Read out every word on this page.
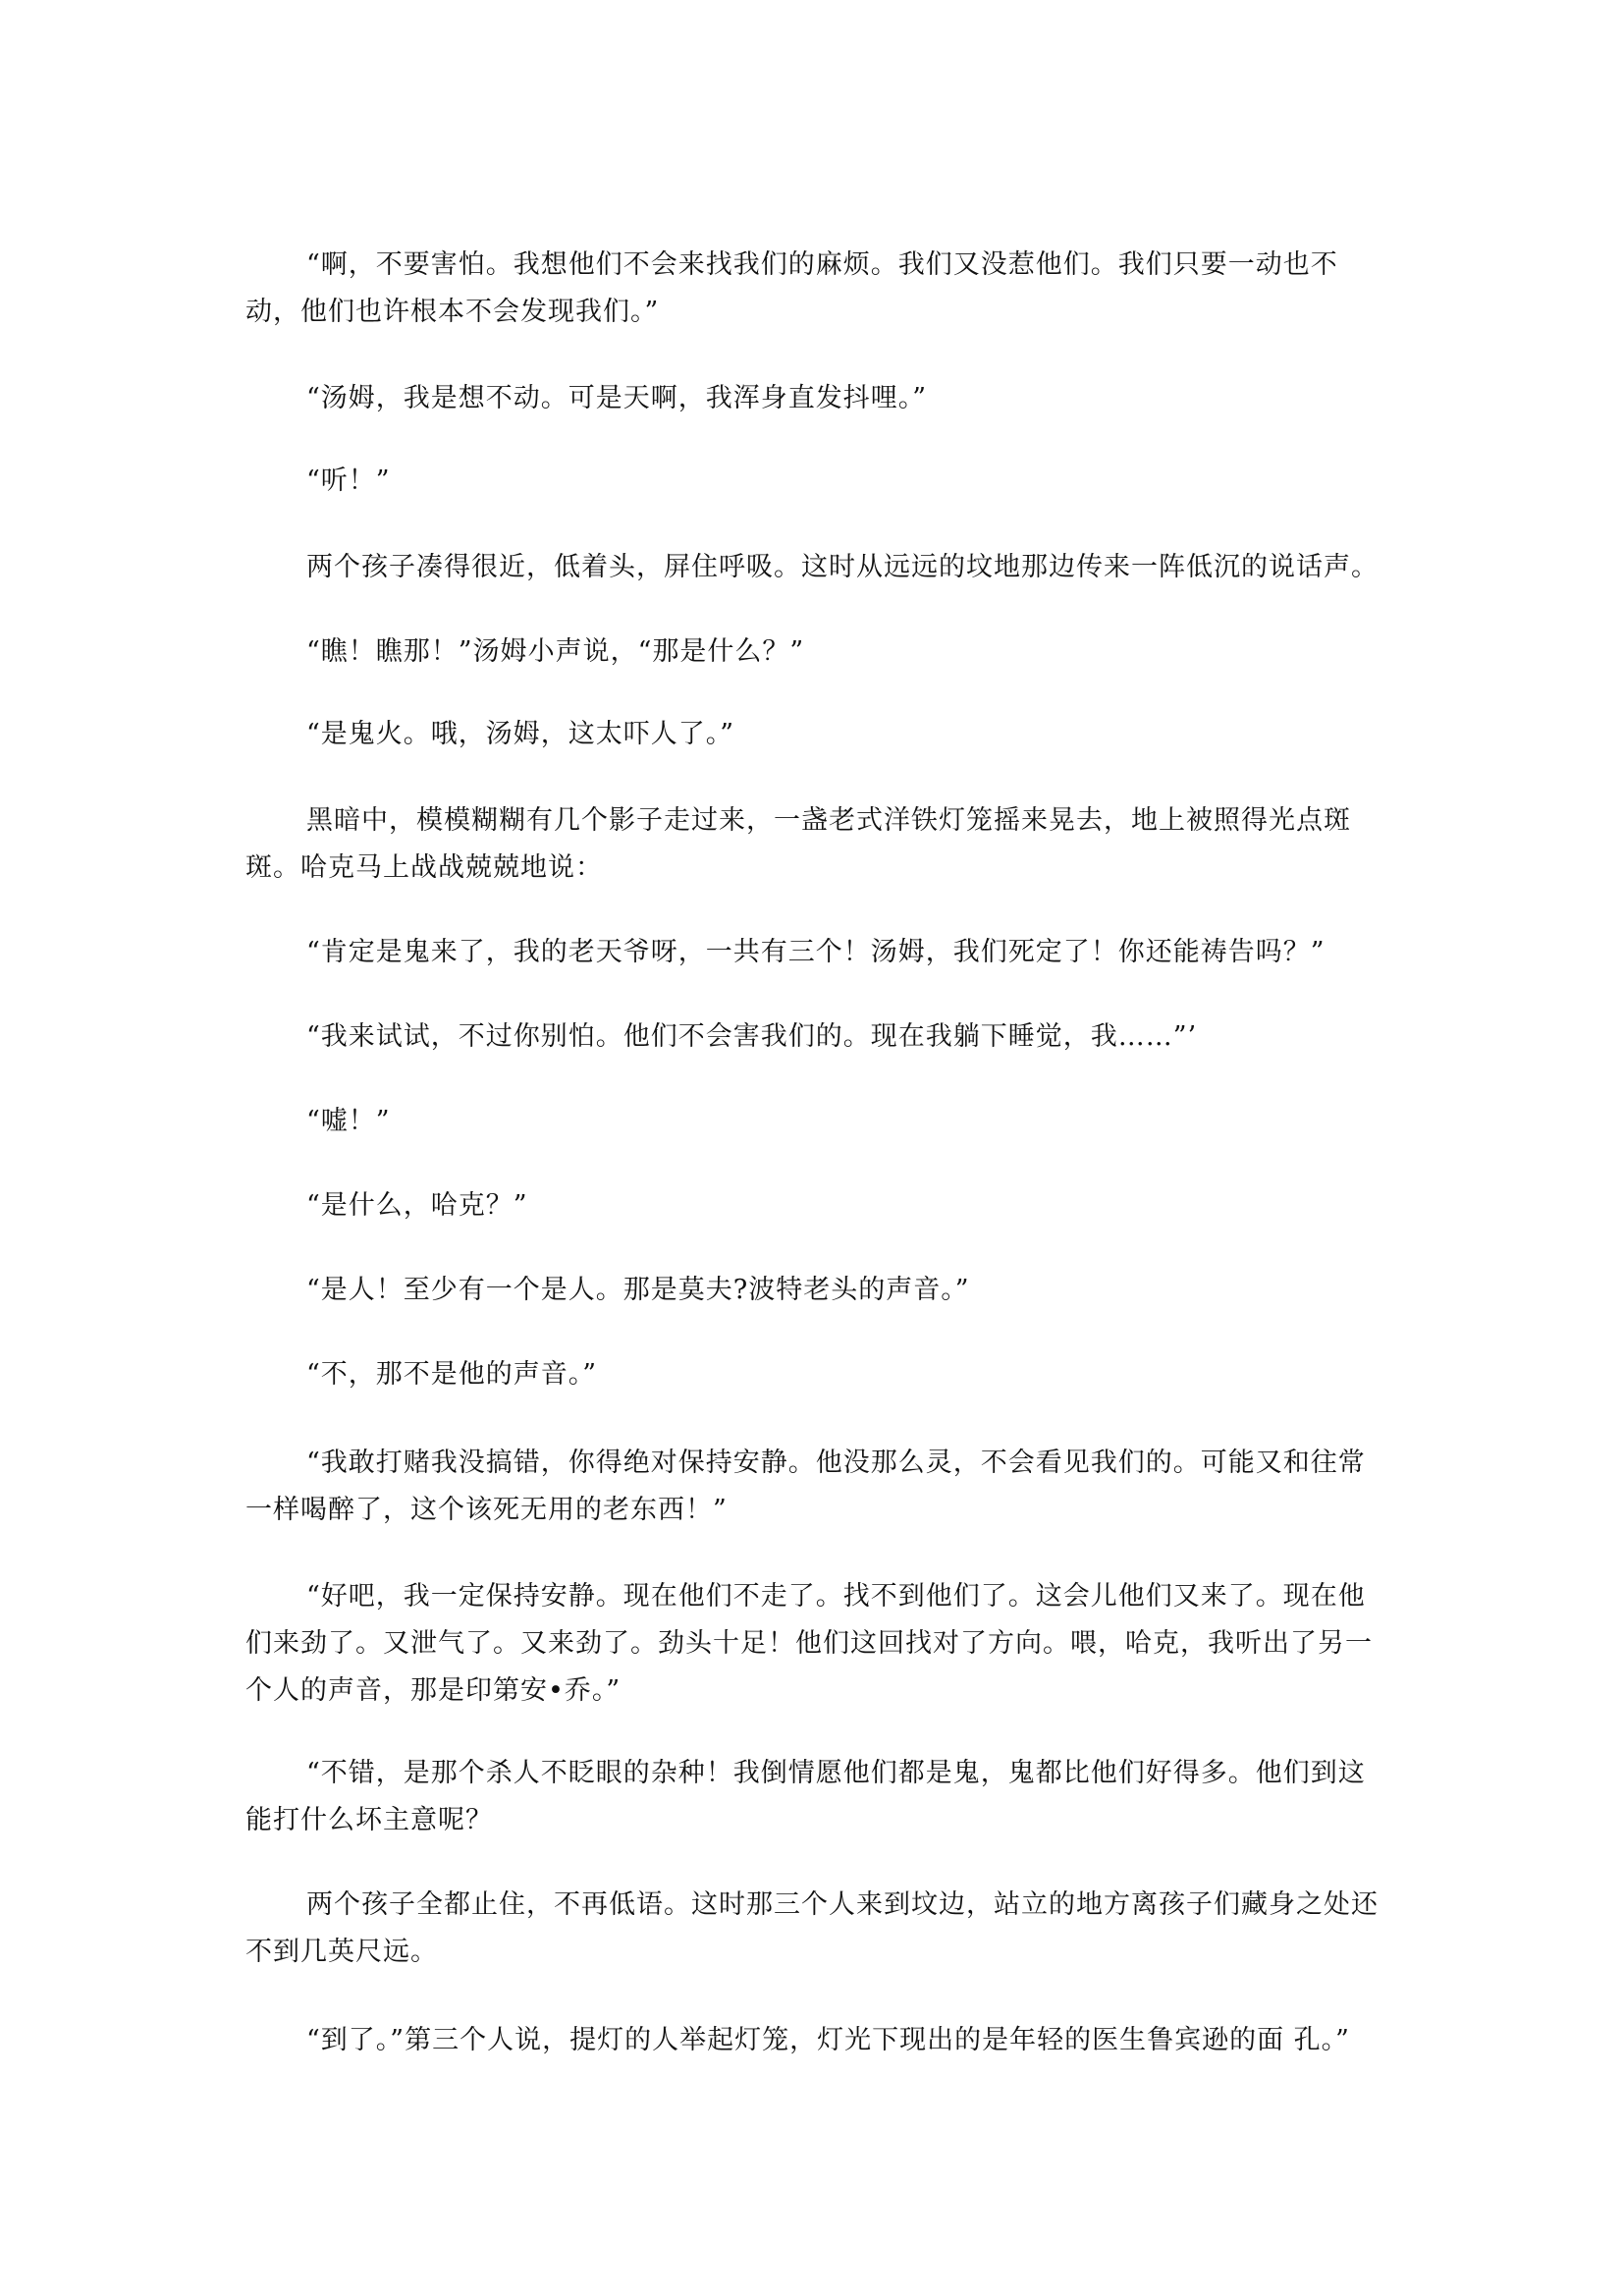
“啊，不要害怕。我想他们不会来找我们的麻烦。我们又没惹他们。我们只要一动也不动，他们也许根本不会发现我们。”

“汤姆，我是想不动。可是天啊，我浑身直发抖哩。”

“听！”

两个孩子凑得很近，低着头，屏住呼吸。这时从远远的坟地那边传来一阵低沉的说话声。

“瞧！瞧那！”汤姆小声说，“那是什么？”

“是鬼火。哦，汤姆，这太吓人了。”

黑暗中，模模糊糊有几个影子走过来，一盏老式洋铁灯笼摇来晃去，地上被照得光点斑斑。哈克马上战战兢兢地说：

“肯定是鬼来了，我的老天爷呀，一共有三个！汤姆，我们死定了！你还能祷告吗？”

“我来试试，不过你别怕。他们不会害我们的。现在我躺下睡觉，我……”’

“嘘！”

“是什么，哈克？”

“是人！至少有一个是人。那是莫夫?波特老头的声音。”

“不，那不是他的声音。”

“我敢打赌我没搞错，你得绝对保持安静。他没那么灵，不会看见我们的。可能又和往常一样喝醉了，这个该死无用的老东西！”

“好吧，我一定保持安静。现在他们不走了。找不到他们了。这会儿他们又来了。现在他们来劲了。又泄气了。又来劲了。劲头十足！他们这回找对了方向。喂，哈克，我听出了另一个人的声音，那是印第安•乔。”

“不错，是那个杀人不眨眼的杂种！我倒情愿他们都是鬼，鬼都比他们好得多。他们到这能打什么坏主意呢？

两个孩子全都止住，不再低语。这时那三个人来到坟边，站立的地方离孩子们藏身之处还不到几英尺远。

“到了。”第三个人说，提灯的人举起灯笼，灯光下现出的是年轻的医生鲁宾逊的面 孔。”
